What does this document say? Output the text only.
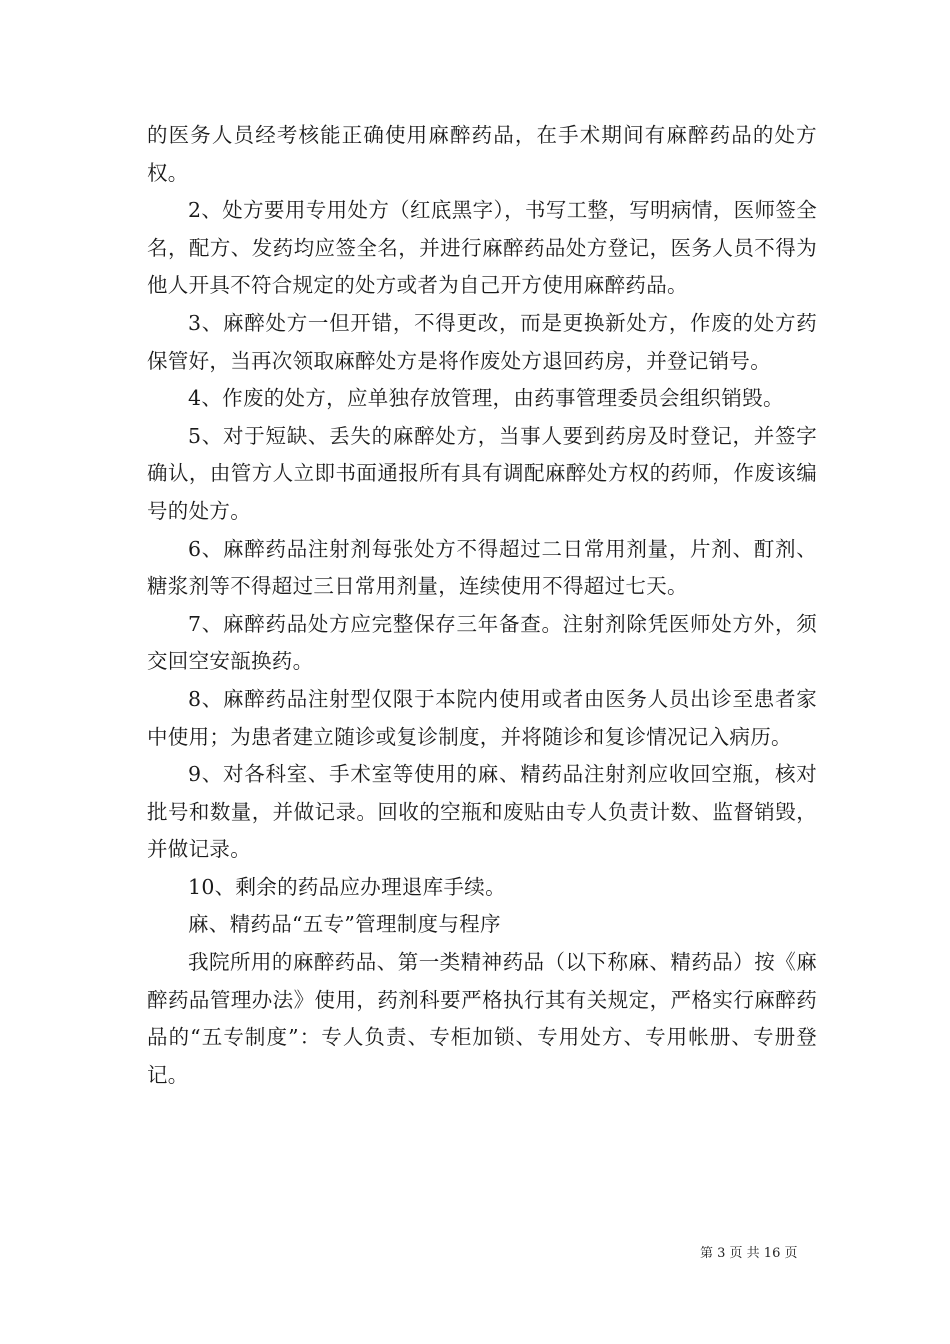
的医务人员经考核能正确使用麻醉药品，在手术期间有麻醉药品的处方权。

2、处方要用专用处方（红底黑字），书写工整，写明病情，医师签全名，配方、发药均应签全名，并进行麻醉药品处方登记，医务人员不得为他人开具不符合规定的处方或者为自己开方使用麻醉药品。

3、麻醉处方一但开错，不得更改，而是更换新处方，作废的处方药保管好，当再次领取麻醉处方是将作废处方退回药房，并登记销号。

4、作废的处方，应单独存放管理，由药事管理委员会组织销毁。

5、对于短缺、丢失的麻醉处方，当事人要到药房及时登记，并签字确认，由管方人立即书面通报所有具有调配麻醉处方权的药师，作废该编号的处方。

6、麻醉药品注射剂每张处方不得超过二日常用剂量，片剂、酊剂、糖浆剂等不得超过三日常用剂量，连续使用不得超过七天。

7、麻醉药品处方应完整保存三年备查。注射剂除凭医师处方外，须交回空安瓿换药。

8、麻醉药品注射型仅限于本院内使用或者由医务人员出诊至患者家中使用；为患者建立随诊或复诊制度，并将随诊和复诊情况记入病历。

9、对各科室、手术室等使用的麻、精药品注射剂应收回空瓶，核对批号和数量，并做记录。回收的空瓶和废贴由专人负责计数、监督销毁，并做记录。

10、剩余的药品应办理退库手续。

麻、精药品“五专”管理制度与程序

我院所用的麻醉药品、第一类精神药品（以下称麻、精药品）按《麻醉药品管理办法》使用，药剂科要严格执行其有关规定，严格实行麻醉药品的“五专制度”：专人负责、专柜加锁、专用处方、专用帐册、专册登记。

第 3 页 共 16 页
